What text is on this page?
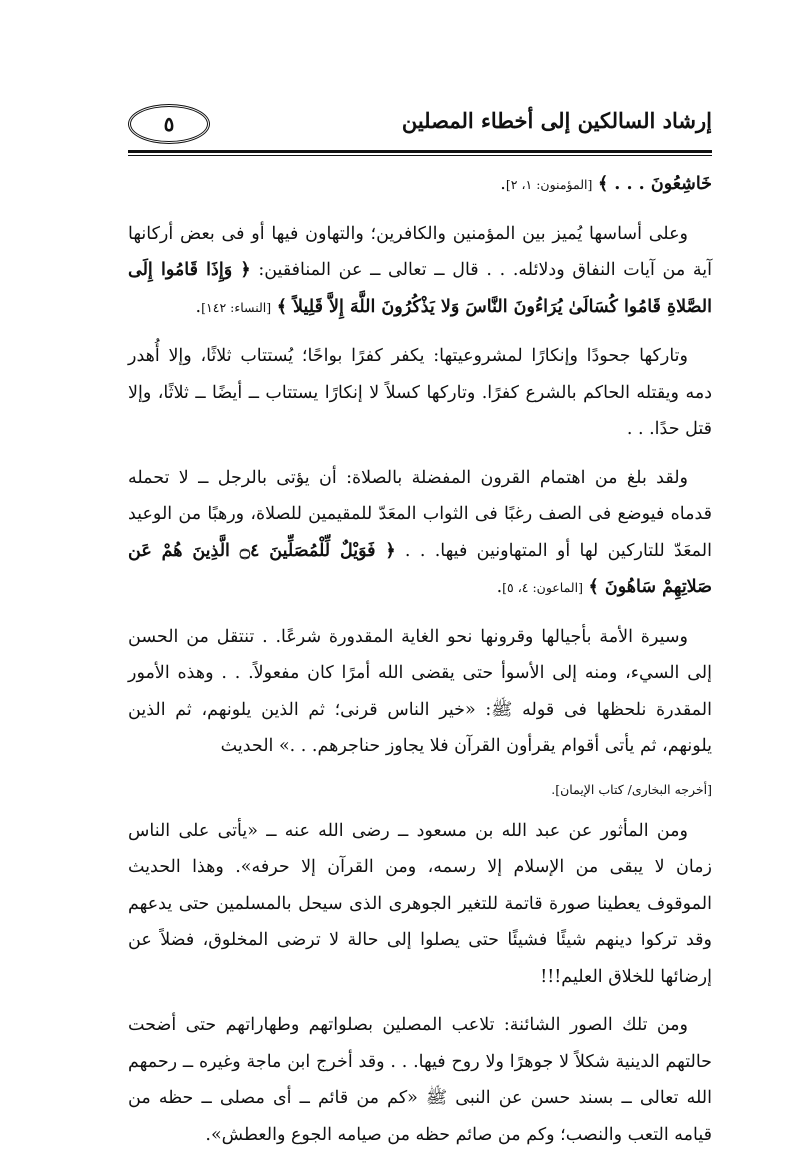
إرشاد السالكين إلى أخطاء المصلين
٥

خَاشِعُونَ . . . ﴾ [المؤمنون: ١، ٢].

وعلى أساسها يُميز بين المؤمنين والكافرين؛ والتهاون فيها أو فى بعض أركانها آية من آيات النفاق ودلائله. . . قال ــ تعالى ــ عن المنافقين: ﴿ وَإِذَا قَامُوا إِلَى الصَّلاةِ قَامُوا كُسَالَىٰ يُرَاءُونَ النَّاسَ وَلا يَذْكُرُونَ اللَّهَ إِلاَّ قَلِيلاً ﴾ [النساء: ١٤٢].

وتاركها جحودًا وإنكارًا لمشروعيتها: يكفر كفرًا بواحًا؛ يُستتاب ثلاثًا، وإلا أُهدر دمه ويقتله الحاكم بالشرع كفرًا. وتاركها كسلاً لا إنكارًا يستتاب ــ أيضًا ــ ثلاثًا، وإلا قتل حدًا. . .

ولقد بلغ من اهتمام القرون المفضلة بالصلاة: أن يؤتى بالرجل ــ لا تحمله قدماه فيوضع فى الصف رغبًا فى الثواب المعَدّ للمقيمين للصلاة، ورهبًا من الوعيد المعَدّ للتاركين لها أو المتهاونين فيها. . . ﴿ فَوَيْلٌ لِّلْمُصَلِّينَ ۝٤ الَّذِينَ هُمْ عَن صَلاتِهِمْ سَاهُونَ ﴾ [الماعون: ٤، ٥].

وسيرة الأمة بأجيالها وقرونها نحو الغاية المقدورة شرعًا. . تنتقل من الحسن إلى السيء، ومنه إلى الأسوأ حتى يقضى الله أمرًا كان مفعولاً. . . وهذه الأمور المقدرة نلحظها فى قوله ﷺ: «خير الناس قرنى؛ ثم الذين يلونهم، ثم الذين يلونهم، ثم يأتى أقوام يقرأون القرآن فلا يجاوز حناجرهم. . .» الحديث

[أخرجه البخارى/ كتاب الإيمان].

ومن المأثور عن عبد الله بن مسعود ــ رضى الله عنه ــ «يأتى على الناس زمان لا يبقى من الإسلام إلا رسمه، ومن القرآن إلا حرفه». وهذا الحديث الموقوف يعطينا صورة قاتمة للتغير الجوهرى الذى سيحل بالمسلمين حتى يدعهم وقد تركوا دينهم شيئًا فشيئًا حتى يصلوا إلى حالة لا ترضى المخلوق، فضلاً عن إرضائها للخلاق العليم!!!

ومن تلك الصور الشائنة: تلاعب المصلين بصلواتهم وطهاراتهم حتى أضحت حالتهم الدينية شكلاً لا جوهرًا ولا روح فيها. . . وقد أخرج ابن ماجة وغيره ــ رحمهم الله تعالى ــ بسند حسن عن النبى ﷺ «كم من قائم ــ أى مصلى ــ حظه من قيامه التعب والنصب؛ وكم من صائم حظه من صيامه الجوع والعطش».
